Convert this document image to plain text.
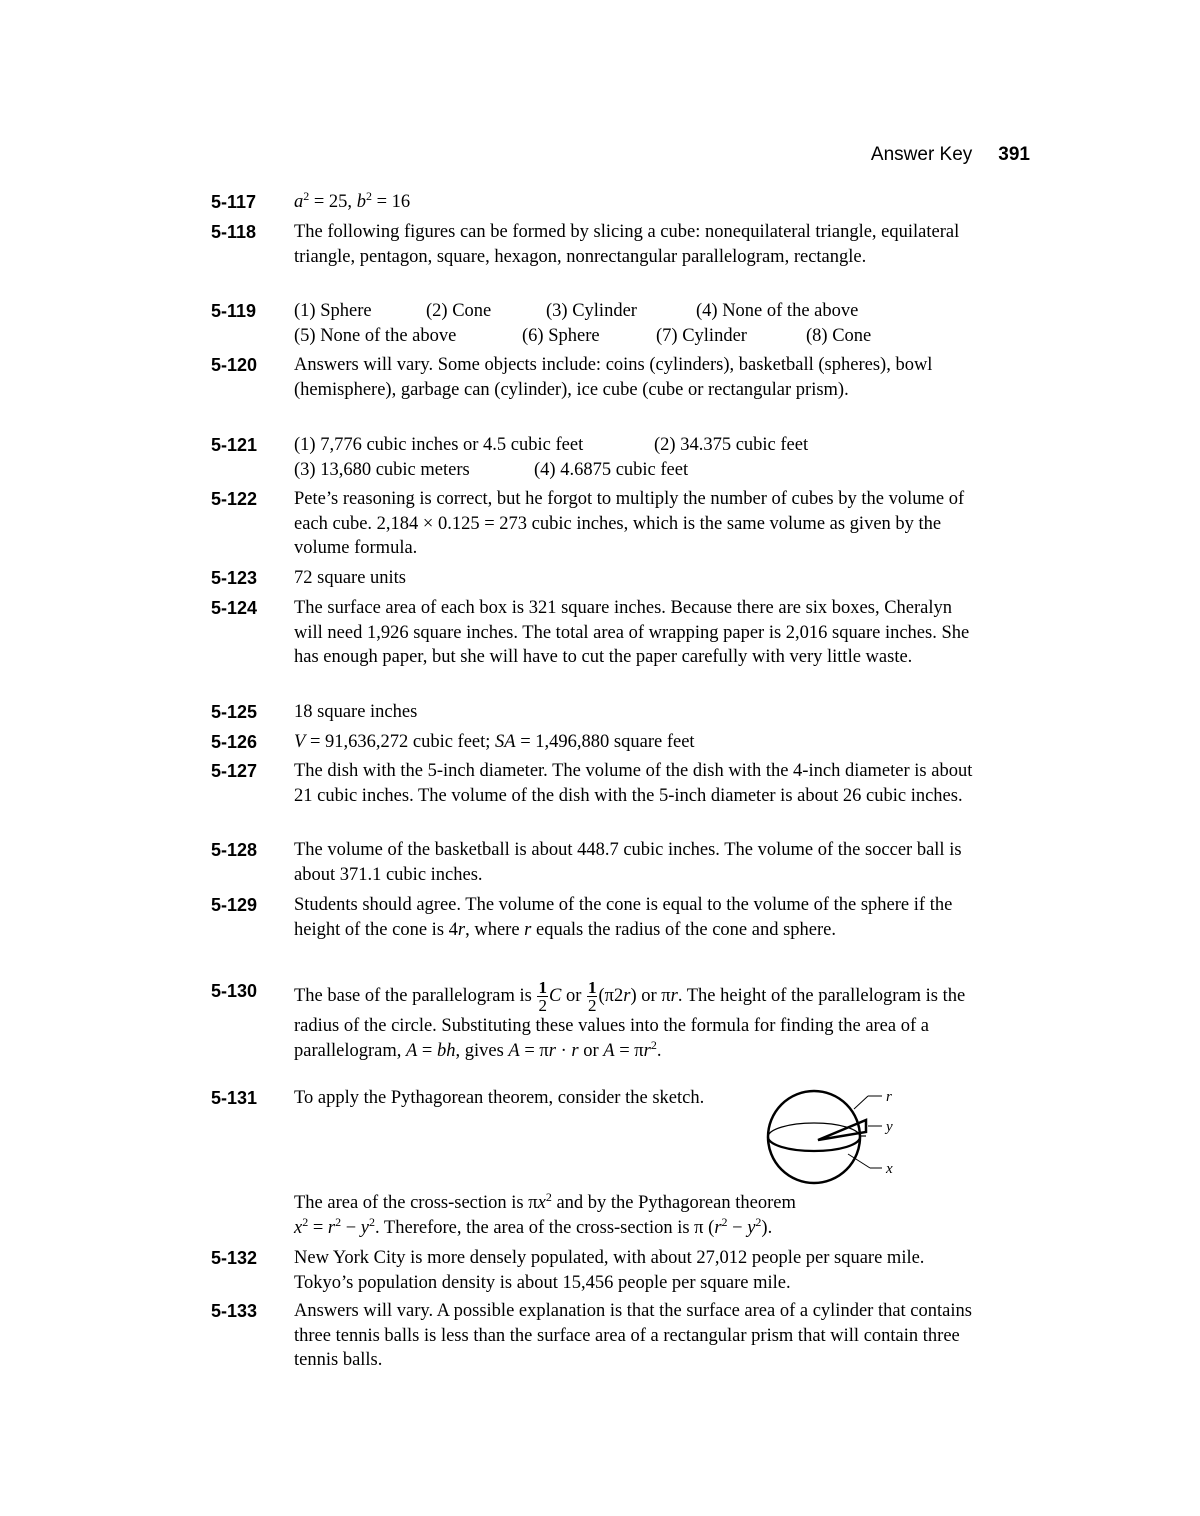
Answer Key 391
5-117 $a^2 = 25$, $b^2 = 16$
5-118 The following figures can be formed by slicing a cube: nonequilateral triangle, equilateral triangle, pentagon, square, hexagon, nonrectangular parallelogram, rectangle.
5-119 (1) Sphere	(2) Cone	(3) Cylinder	(4) None of the above
(5) None of the above	(6) Sphere	(7) Cylinder	(8) Cone
5-120 Answers will vary. Some objects include: coins (cylinders), basketball (spheres), bowl (hemisphere), garbage can (cylinder), ice cube (cube or rectangular prism).
5-121 (1) 7,776 cubic inches or 4.5 cubic feet	(2) 34.375 cubic feet
(3) 13,680 cubic meters	(4) 4.6875 cubic feet
5-122 Pete’s reasoning is correct, but he forgot to multiply the number of cubes by the volume of each cube. 2,184 × 0.125 = 273 cubic inches, which is the same volume as given by the volume formula.
5-123 72 square units
5-124 The surface area of each box is 321 square inches. Because there are six boxes, Cheralyn will need 1,926 square inches. The total area of wrapping paper is 2,016 square inches. She has enough paper, but she will have to cut the paper carefully with very little waste.
5-125 18 square inches
5-126 V = 91,636,272 cubic feet; SA = 1,496,880 square feet
5-127 The dish with the 5-inch diameter. The volume of the dish with the 4-inch diameter is about 21 cubic inches. The volume of the dish with the 5-inch diameter is about 26 cubic inches.
5-128 The volume of the basketball is about 448.7 cubic inches. The volume of the soccer ball is about 371.1 cubic inches.
5-129 Students should agree. The volume of the cone is equal to the volume of the sphere if the height of the cone is 4r, where r equals the radius of the cone and sphere.
5-130 The base of the parallelogram is $\frac{1}{2}$ C or $\frac{1}{2} (\pi 2r)$ or πr. The height of the parallelogram is the radius of the circle. Substituting these values into the formula for finding the area of a parallelogram, A = bh, gives A = πr · r or $A = \pi r^2$.
5-131 To apply the Pythagorean theorem, consider the sketch.	r
y
x
The area of the cross-section is $\pi x^2$ and by the Pythagorean theorem
$x^2 = r^2 - y^2$. Therefore, the area of the cross-section is π $(r^2 - y^2)$.
5-132 New York City is more densely populated, with about 27,012 people per square mile. Tokyo’s population density is about 15,456 people per square mile.
5-133 Answers will vary. A possible explanation is that the surface area of a cylinder that contains three tennis balls is less than the surface area of a rectangular prism that will contain three tennis balls.
